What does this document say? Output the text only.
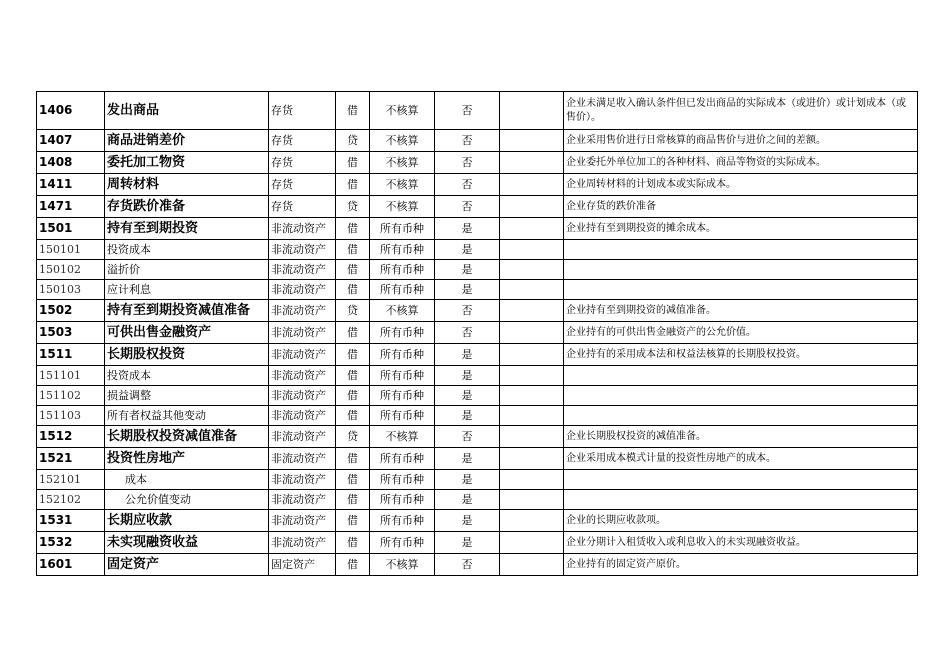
1406	发出商品	存货	借	不核算	否		企业未满足收入确认条件但已发出商品的实际成本（或进价）或计划成本（或售价）。
1407	商品进销差价	存货	贷	不核算	否		企业采用售价进行日常核算的商品售价与进价之间的差额。
1408	委托加工物资	存货	借	不核算	否		企业委托外单位加工的各种材料、商品等物资的实际成本。
1411	周转材料	存货	借	不核算	否		企业周转材料的计划成本或实际成本。
1471	存货跌价准备	存货	贷	不核算	否		企业存货的跌价准备
1501	持有至到期投资	非流动资产	借	所有币种	是		企业持有至到期投资的摊余成本。
150101	投资成本	非流动资产	借	所有币种	是		
150102	溢折价	非流动资产	借	所有币种	是		
150103	应计利息	非流动资产	借	所有币种	是		
1502	持有至到期投资减值准备	非流动资产	贷	不核算	否		企业持有至到期投资的减值准备。
1503	可供出售金融资产	非流动资产	借	所有币种	否		企业持有的可供出售金融资产的公允价值。
1511	长期股权投资	非流动资产	借	所有币种	是		企业持有的采用成本法和权益法核算的长期股权投资。
151101	投资成本	非流动资产	借	所有币种	是		
151102	损益调整	非流动资产	借	所有币种	是		
151103	所有者权益其他变动	非流动资产	借	所有币种	是		
1512	长期股权投资减值准备	非流动资产	贷	不核算	否		企业长期股权投资的减值准备。
1521	投资性房地产	非流动资产	借	所有币种	是		企业采用成本模式计量的投资性房地产的成本。
152101	成本	非流动资产	借	所有币种	是		
152102	公允价值变动	非流动资产	借	所有币种	是		
1531	长期应收款	非流动资产	借	所有币种	是		企业的长期应收款项。
1532	未实现融资收益	非流动资产	借	所有币种	是		企业分期计入租赁收入或利息收入的未实现融资收益。
1601	固定资产	固定资产	借	不核算	否		企业持有的固定资产原价。
